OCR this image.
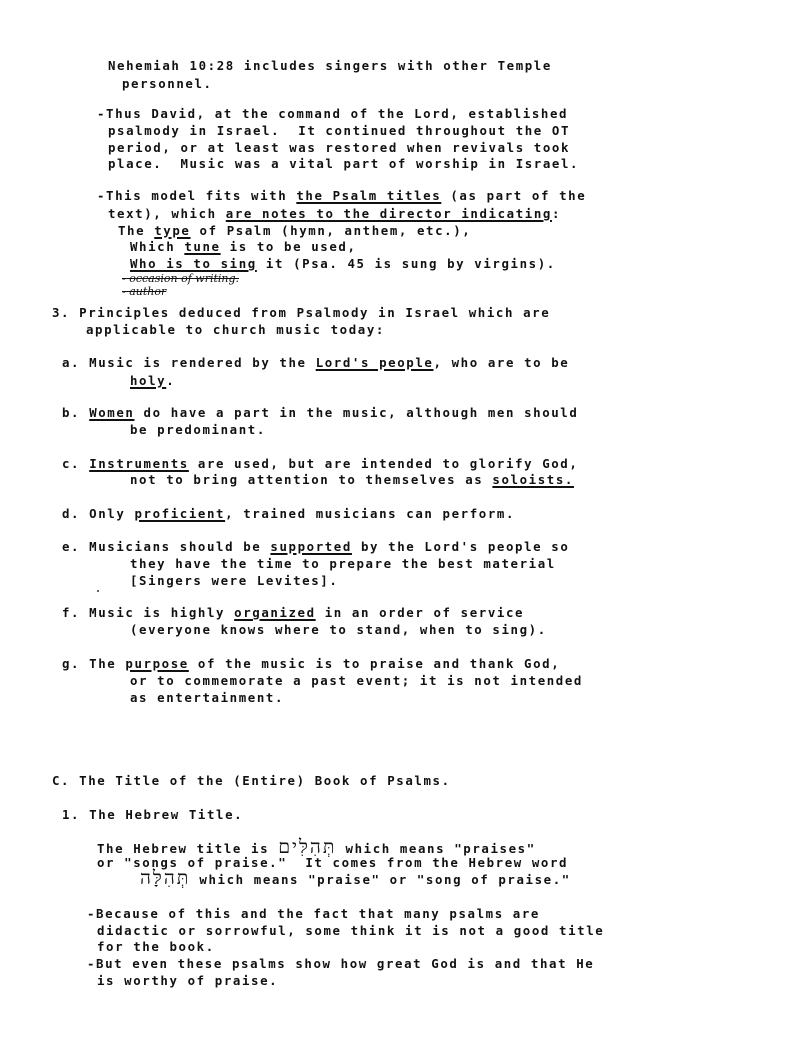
Nehemiah 10:28 includes singers with other Temple
personnel.
-Thus David, at the command of the Lord, established
psalmody in Israel.  It continued throughout the OT
period, or at least was restored when revivals took
place.  Music was a vital part of worship in Israel.
-This model fits with the Psalm titles (as part of the
text), which are notes to the director indicating:
The type of Psalm (hymn, anthem, etc.),
Which tune is to be used,
Who is to sing it (Psa. 45 is sung by virgins).
- occasion of writing.
- author
3. Principles deduced from Psalmody in Israel which are
applicable to church music today:
a. Music is rendered by the Lord's people, who are to be
holy.
b. Women do have a part in the music, although men should
be predominant.
c. Instruments are used, but are intended to glorify God,
not to bring attention to themselves as soloists.
d. Only proficient, trained musicians can perform.
e. Musicians should be supported by the Lord's people so
they have the time to prepare the best material
[Singers were Levites].
f. Music is highly organized in an order of service
(everyone knows where to stand, when to sing).
g. The purpose of the music is to praise and thank God,
or to commemorate a past event; it is not intended
as entertainment.
C. The Title of the (Entire) Book of Psalms.
1. The Hebrew Title.
The Hebrew title is תְּהִלִּים which means "praises"
or "songs of praise."  It comes from the Hebrew word
תְּהִלָּה which means "praise" or "song of praise."
-Because of this and the fact that many psalms are
didactic or sorrowful, some think it is not a good title
for the book.
-But even these psalms show how great God is and that He
is worthy of praise.
